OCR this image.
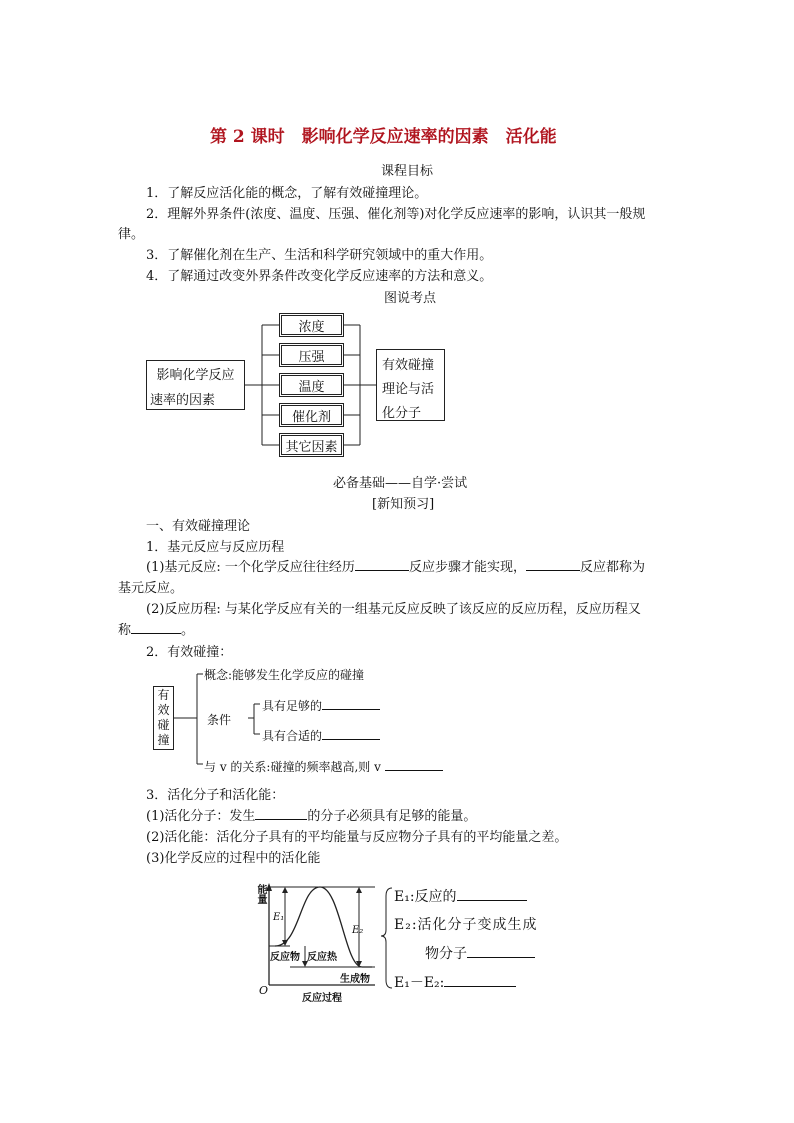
第 2 课时　影响化学反应速率的因素　活化能
课程目标
1．了解反应活化能的概念，了解有效碰撞理论。
2．理解外界条件(浓度、温度、压强、催化剂等)对化学反应速率的影响，认识其一般规
律。
3．了解催化剂在生产、生活和科学研究领域中的重大作用。
4．了解通过改变外界条件改变化学反应速率的方法和意义。
图说考点
影响化学反应
速率的因素
浓度
压强
温度
催化剂
其它因素
有效碰撞
理论与活
化分子
必备基础——自学·尝试
[新知预习]
一、有效碰撞理论
1．基元反应与反应历程
(1)基元反应: 一个化学反应往往经历	反应步骤才能实现，	反应都称为
基元反应。
(2)反应历程: 与某化学反应有关的一组基元反应反映了该反应的反应历程，反应历程又
称	。
2．有效碰撞：
有
效
碰
撞
概念:能够发生化学反应的碰撞
条件
具有足够的
具有合适的
与 v 的关系:碰撞的频率越高,则 v
3．活化分子和活化能：
(1)活化分子：发生	的分子必须具有足够的能量。
(2)活化能：活化分子具有的平均能量与反应物分子具有的平均能量之差。
(3)化学反应的过程中的活化能
能量
反应过程
O
E₁
E₂
反应物 反应热
生成物
E₁:反应的
E₂:活化分子变成生成
物分子
E₁－E₂:
